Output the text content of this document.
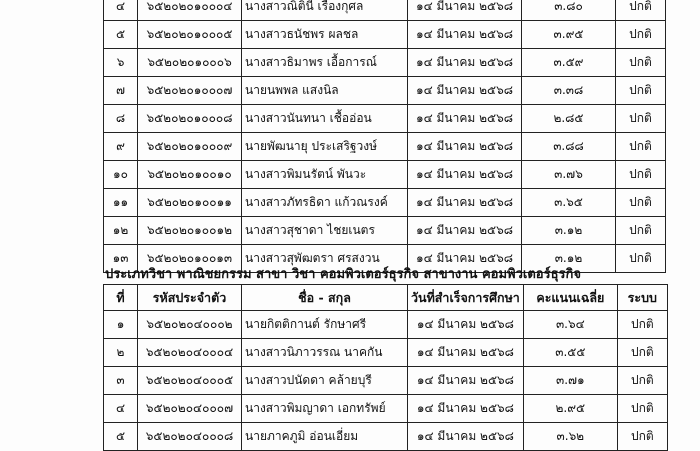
๔	๖๕๒๐๒๐๑๐๐๐๔	นางสาวณิตินี เรืองกุศล	๑๔ มีนาคม ๒๕๖๘	๓.๘๐	ปกติ
๕	๖๕๒๐๒๐๑๐๐๐๕	นางสาวธนัชพร ผลชล	๑๔ มีนาคม ๒๕๖๘	๓.๙๕	ปกติ
๖	๖๕๒๐๒๐๑๐๐๐๖	นางสาวธิมาพร เอื้อการณ์	๑๔ มีนาคม ๒๕๖๘	๓.๕๙	ปกติ
๗	๖๕๒๐๒๐๑๐๐๐๗	นายนพพล แสงนิล	๑๔ มีนาคม ๒๕๖๘	๓.๓๘	ปกติ
๘	๖๕๒๐๒๐๑๐๐๐๘	นางสาวนันทนา เชื้ออ่อน	๑๔ มีนาคม ๒๕๖๘	๒.๘๕	ปกติ
๙	๖๕๒๐๒๐๑๐๐๐๙	นายพัฒนายุ ประเสริฐวงษ์	๑๔ มีนาคม ๒๕๖๘	๓.๘๘	ปกติ
๑๐	๖๕๒๐๒๐๑๐๐๑๐	นางสาวพิมนรัตน์ พันวะ	๑๔ มีนาคม ๒๕๖๘	๓.๗๖	ปกติ
๑๑	๖๕๒๐๒๐๑๐๐๑๑	นางสาวภัทรธิดา แก้วณรงค์	๑๔ มีนาคม ๒๕๖๘	๓.๖๕	ปกติ
๑๒	๖๕๒๐๒๐๑๐๐๑๒	นางสาวสุชาดา ไชยเนตร	๑๔ มีนาคม ๒๕๖๘	๓.๑๒	ปกติ
๑๓	๖๕๒๐๒๐๑๐๐๑๓	นางสาวสุพัฒตรา ศรสงวน	๑๔ มีนาคม ๒๕๖๘	๓.๑๒	ปกติ
ประเภทวิชา พาณิชยกรรม สาขา วิชา คอมพิวเตอร์ธุรกิจ สาขางาน คอมพิวเตอร์ธุรกิจ
ที่	รหัสประจำตัว	ชื่อ - สกุล	วันที่สำเร็จการศึกษา	คะแนนเฉลี่ย	ระบบ
๑	๖๕๒๐๒๐๔๐๐๐๒	นายกิตติกานต์ รักษาศรี	๑๔ มีนาคม ๒๕๖๘	๓.๖๔	ปกติ
๒	๖๕๒๐๒๐๔๐๐๐๔	นางสาวนิภาวรรณ นาคกัน	๑๔ มีนาคม ๒๕๖๘	๓.๕๕	ปกติ
๓	๖๕๒๐๒๐๔๐๐๐๕	นางสาวปนัดดา คล้ายบุรี	๑๔ มีนาคม ๒๕๖๘	๓.๗๑	ปกติ
๔	๖๕๒๐๒๐๔๐๐๐๗	นางสาวพิมญาดา เอกทรัพย์	๑๔ มีนาคม ๒๕๖๘	๒.๙๕	ปกติ
๕	๖๕๒๐๒๐๔๐๐๐๘	นายภาคภูมิ อ่อนเอี่ยม	๑๔ มีนาคม ๒๕๖๘	๓.๖๒	ปกติ
